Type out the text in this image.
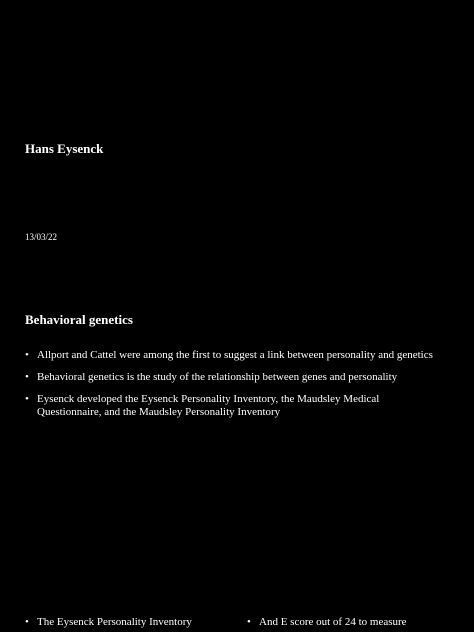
Hans Eysenck
13/03/22
Behavioral genetics
• Allport and Cattel were among the first to suggest a link between personality and genetics
• Behavioral genetics is the study of the relationship between genes and personality
• Eysenck developed the Eysenck Personality Inventory, the Maudsley Medical Questionnaire, and the Maudsley Personality Inventory
• The Eysenck Personality Inventory	• And E score out of 24 to measure
